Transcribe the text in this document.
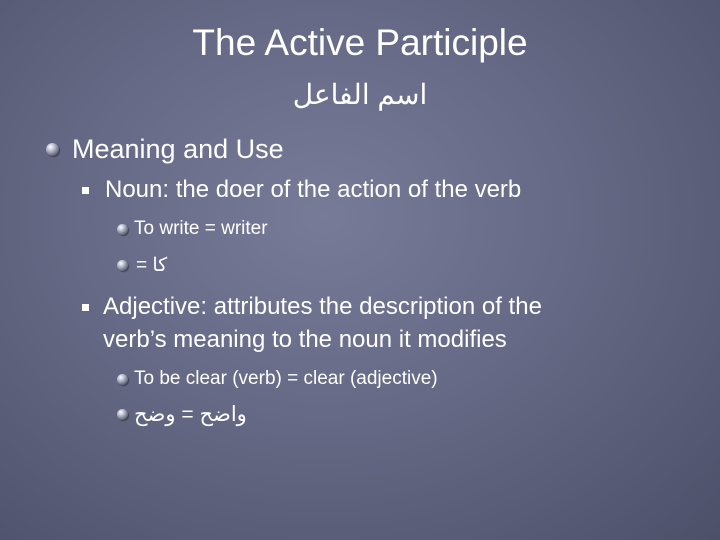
The Active Participle
اسم الفاعل
Meaning and Use
Noun: the doer of the action of the verb
To write = writer
كا =
Adjective: attributes the description of the
verb’s meaning to the noun it modifies
To be clear (verb) = clear (adjective)
واضح = وضح
